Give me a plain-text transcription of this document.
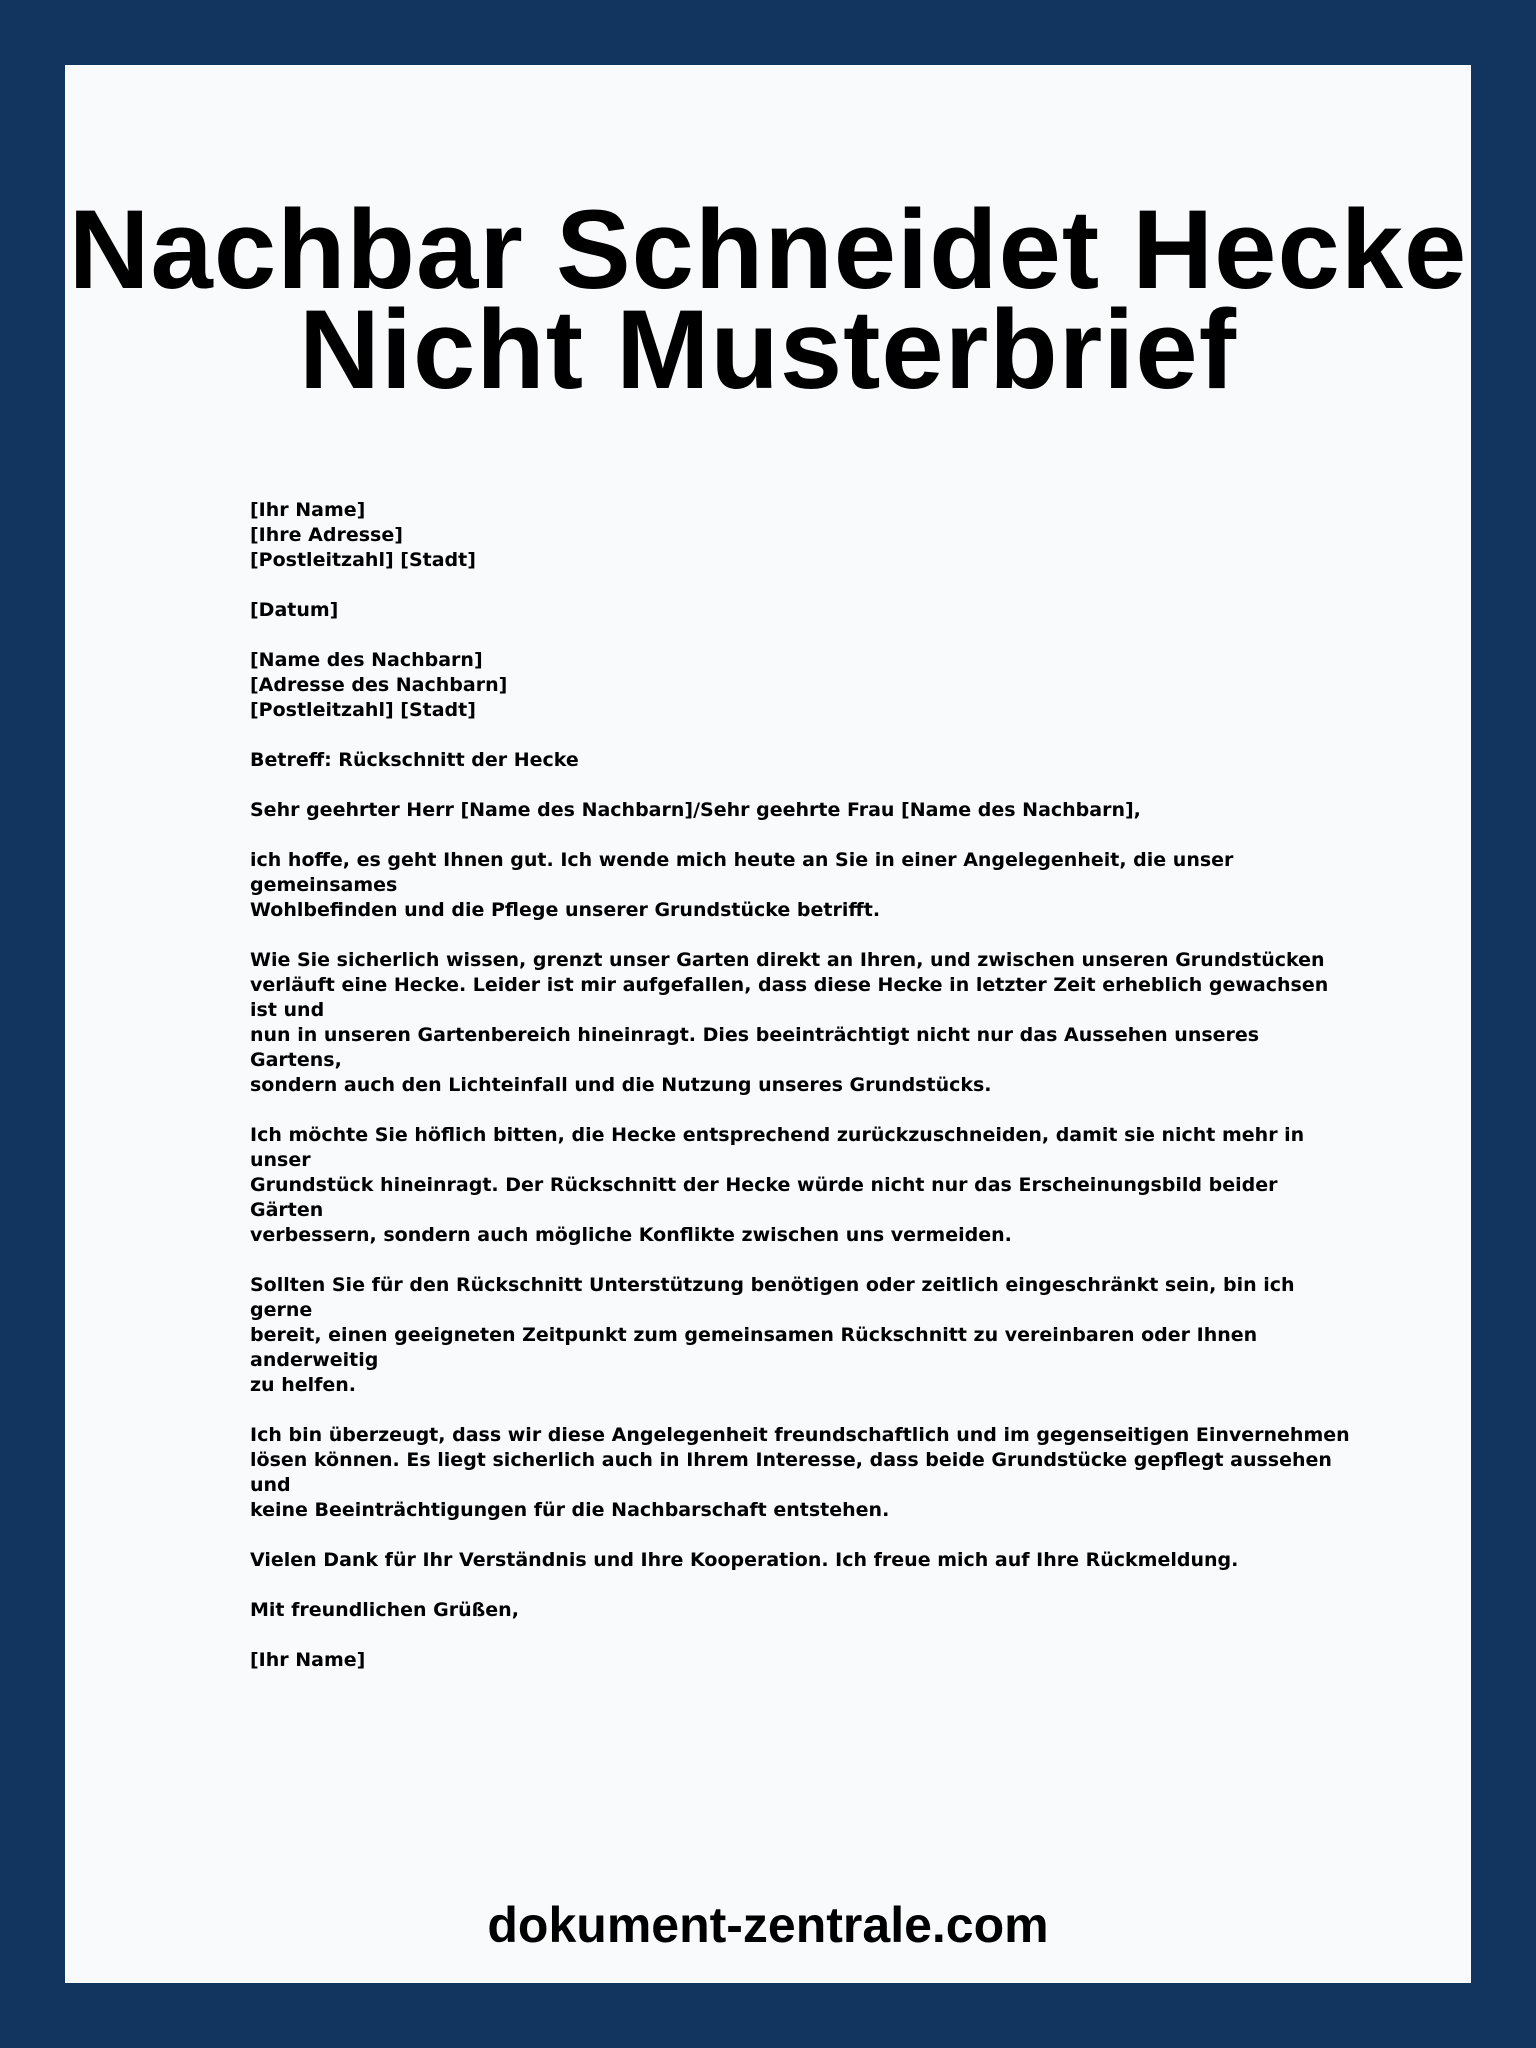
Nachbar Schneidet Hecke
Nicht Musterbrief

[Ihr Name]
[Ihre Adresse]
[Postleitzahl] [Stadt]

[Datum]

[Name des Nachbarn]
[Adresse des Nachbarn]
[Postleitzahl] [Stadt]

Betreff: Rückschnitt der Hecke

Sehr geehrter Herr [Name des Nachbarn]/Sehr geehrte Frau [Name des Nachbarn],

ich hoffe, es geht Ihnen gut. Ich wende mich heute an Sie in einer Angelegenheit, die unser gemeinsames
Wohlbefinden und die Pflege unserer Grundstücke betrifft.

Wie Sie sicherlich wissen, grenzt unser Garten direkt an Ihren, und zwischen unseren Grundstücken
verläuft eine Hecke. Leider ist mir aufgefallen, dass diese Hecke in letzter Zeit erheblich gewachsen ist und
nun in unseren Gartenbereich hineinragt. Dies beeinträchtigt nicht nur das Aussehen unseres Gartens,
sondern auch den Lichteinfall und die Nutzung unseres Grundstücks.

Ich möchte Sie höflich bitten, die Hecke entsprechend zurückzuschneiden, damit sie nicht mehr in unser
Grundstück hineinragt. Der Rückschnitt der Hecke würde nicht nur das Erscheinungsbild beider Gärten
verbessern, sondern auch mögliche Konflikte zwischen uns vermeiden.

Sollten Sie für den Rückschnitt Unterstützung benötigen oder zeitlich eingeschränkt sein, bin ich gerne
bereit, einen geeigneten Zeitpunkt zum gemeinsamen Rückschnitt zu vereinbaren oder Ihnen anderweitig
zu helfen.

Ich bin überzeugt, dass wir diese Angelegenheit freundschaftlich und im gegenseitigen Einvernehmen
lösen können. Es liegt sicherlich auch in Ihrem Interesse, dass beide Grundstücke gepflegt aussehen und
keine Beeinträchtigungen für die Nachbarschaft entstehen.

Vielen Dank für Ihr Verständnis und Ihre Kooperation. Ich freue mich auf Ihre Rückmeldung.

Mit freundlichen Grüßen,

[Ihr Name]

dokument-zentrale.com
